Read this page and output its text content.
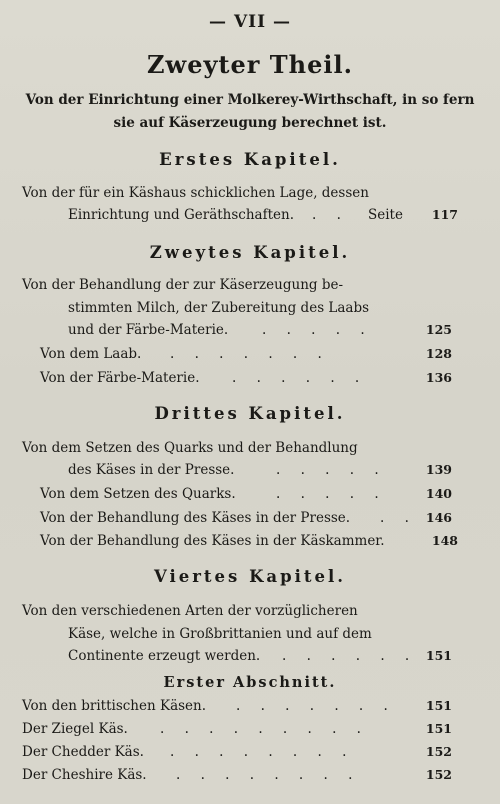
— VII —
Zweyter Theil.
Von der Einrichtung einer Molkerey-Wirthschaft, in so fern
sie auf Käserzeugung berechnet ist.
Erstes Kapitel.
Von der für ein Käshaus schicklichen Lage, dessen
Einrichtung und Geräthschaften. . . Seite	117
Zweytes Kapitel.
Von der Behandlung der zur Käserzeugung be-
stimmten Milch, der Zubereitung des Laabs
und der Färbe-Materie.	. . . . .	125
Von dem Laab. . . . . . . .	128
Von der Färbe-Materie. . . . . . .	136
Drittes Kapitel.
Von dem Setzen des Quarks und der Behandlung
des Käses in der Presse.	. . . . .	139
Von dem Setzen des Quarks.	. . . . .	140
Von der Behandlung des Käses in der Presse. . . 146
Von der Behandlung des Käses in der Käskammer.	148
Viertes Kapitel.
Von den verschiedenen Arten der vorzüglicheren
Käse, welche in Großbrittanien und auf dem
Continente erzeugt werden. . . . . . . 151
Erster Abschnitt.
Von den brittischen Käsen. . . . . . . .	151
Der Ziegel Käs. . . . . . . . . .	151
Der Chedder Käs. . . . . . . . .	152
Der Cheshire Käs. . . . . . . . .	152
